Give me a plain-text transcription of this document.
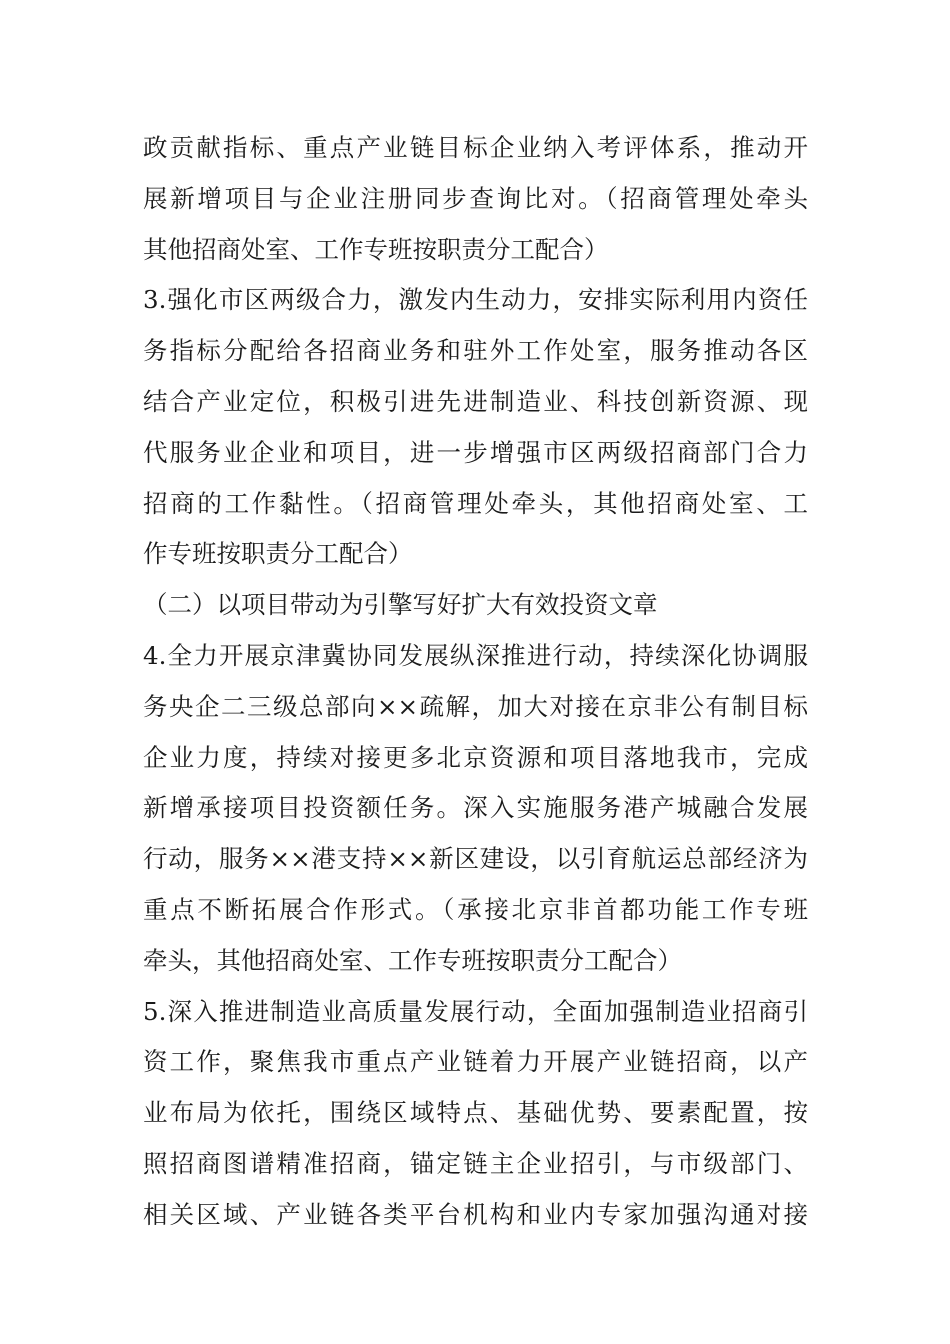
政贡献指标、重点产业链目标企业纳入考评体系，推动开
展新增项目与企业注册同步查询比对。（招商管理处牵头
其他招商处室、工作专班按职责分工配合）
3.强化市区两级合力，激发内生动力，安排实际利用内资任
务指标分配给各招商业务和驻外工作处室，服务推动各区
结合产业定位，积极引进先进制造业、科技创新资源、现
代服务业企业和项目，进一步增强市区两级招商部门合力
招商的工作黏性。（招商管理处牵头，其他招商处室、工
作专班按职责分工配合）
（二）以项目带动为引擎写好扩大有效投资文章
4.全力开展京津冀协同发展纵深推进行动，持续深化协调服
务央企二三级总部向××疏解，加大对接在京非公有制目标
企业力度，持续对接更多北京资源和项目落地我市，完成
新增承接项目投资额任务。深入实施服务港产城融合发展
行动，服务××港支持××新区建设，以引育航运总部经济为
重点不断拓展合作形式。（承接北京非首都功能工作专班
牵头，其他招商处室、工作专班按职责分工配合）
5.深入推进制造业高质量发展行动，全面加强制造业招商引
资工作，聚焦我市重点产业链着力开展产业链招商，以产
业布局为依托，围绕区域特点、基础优势、要素配置，按
照招商图谱精准招商，锚定链主企业招引，与市级部门、
相关区域、产业链各类平台机构和业内专家加强沟通对接
